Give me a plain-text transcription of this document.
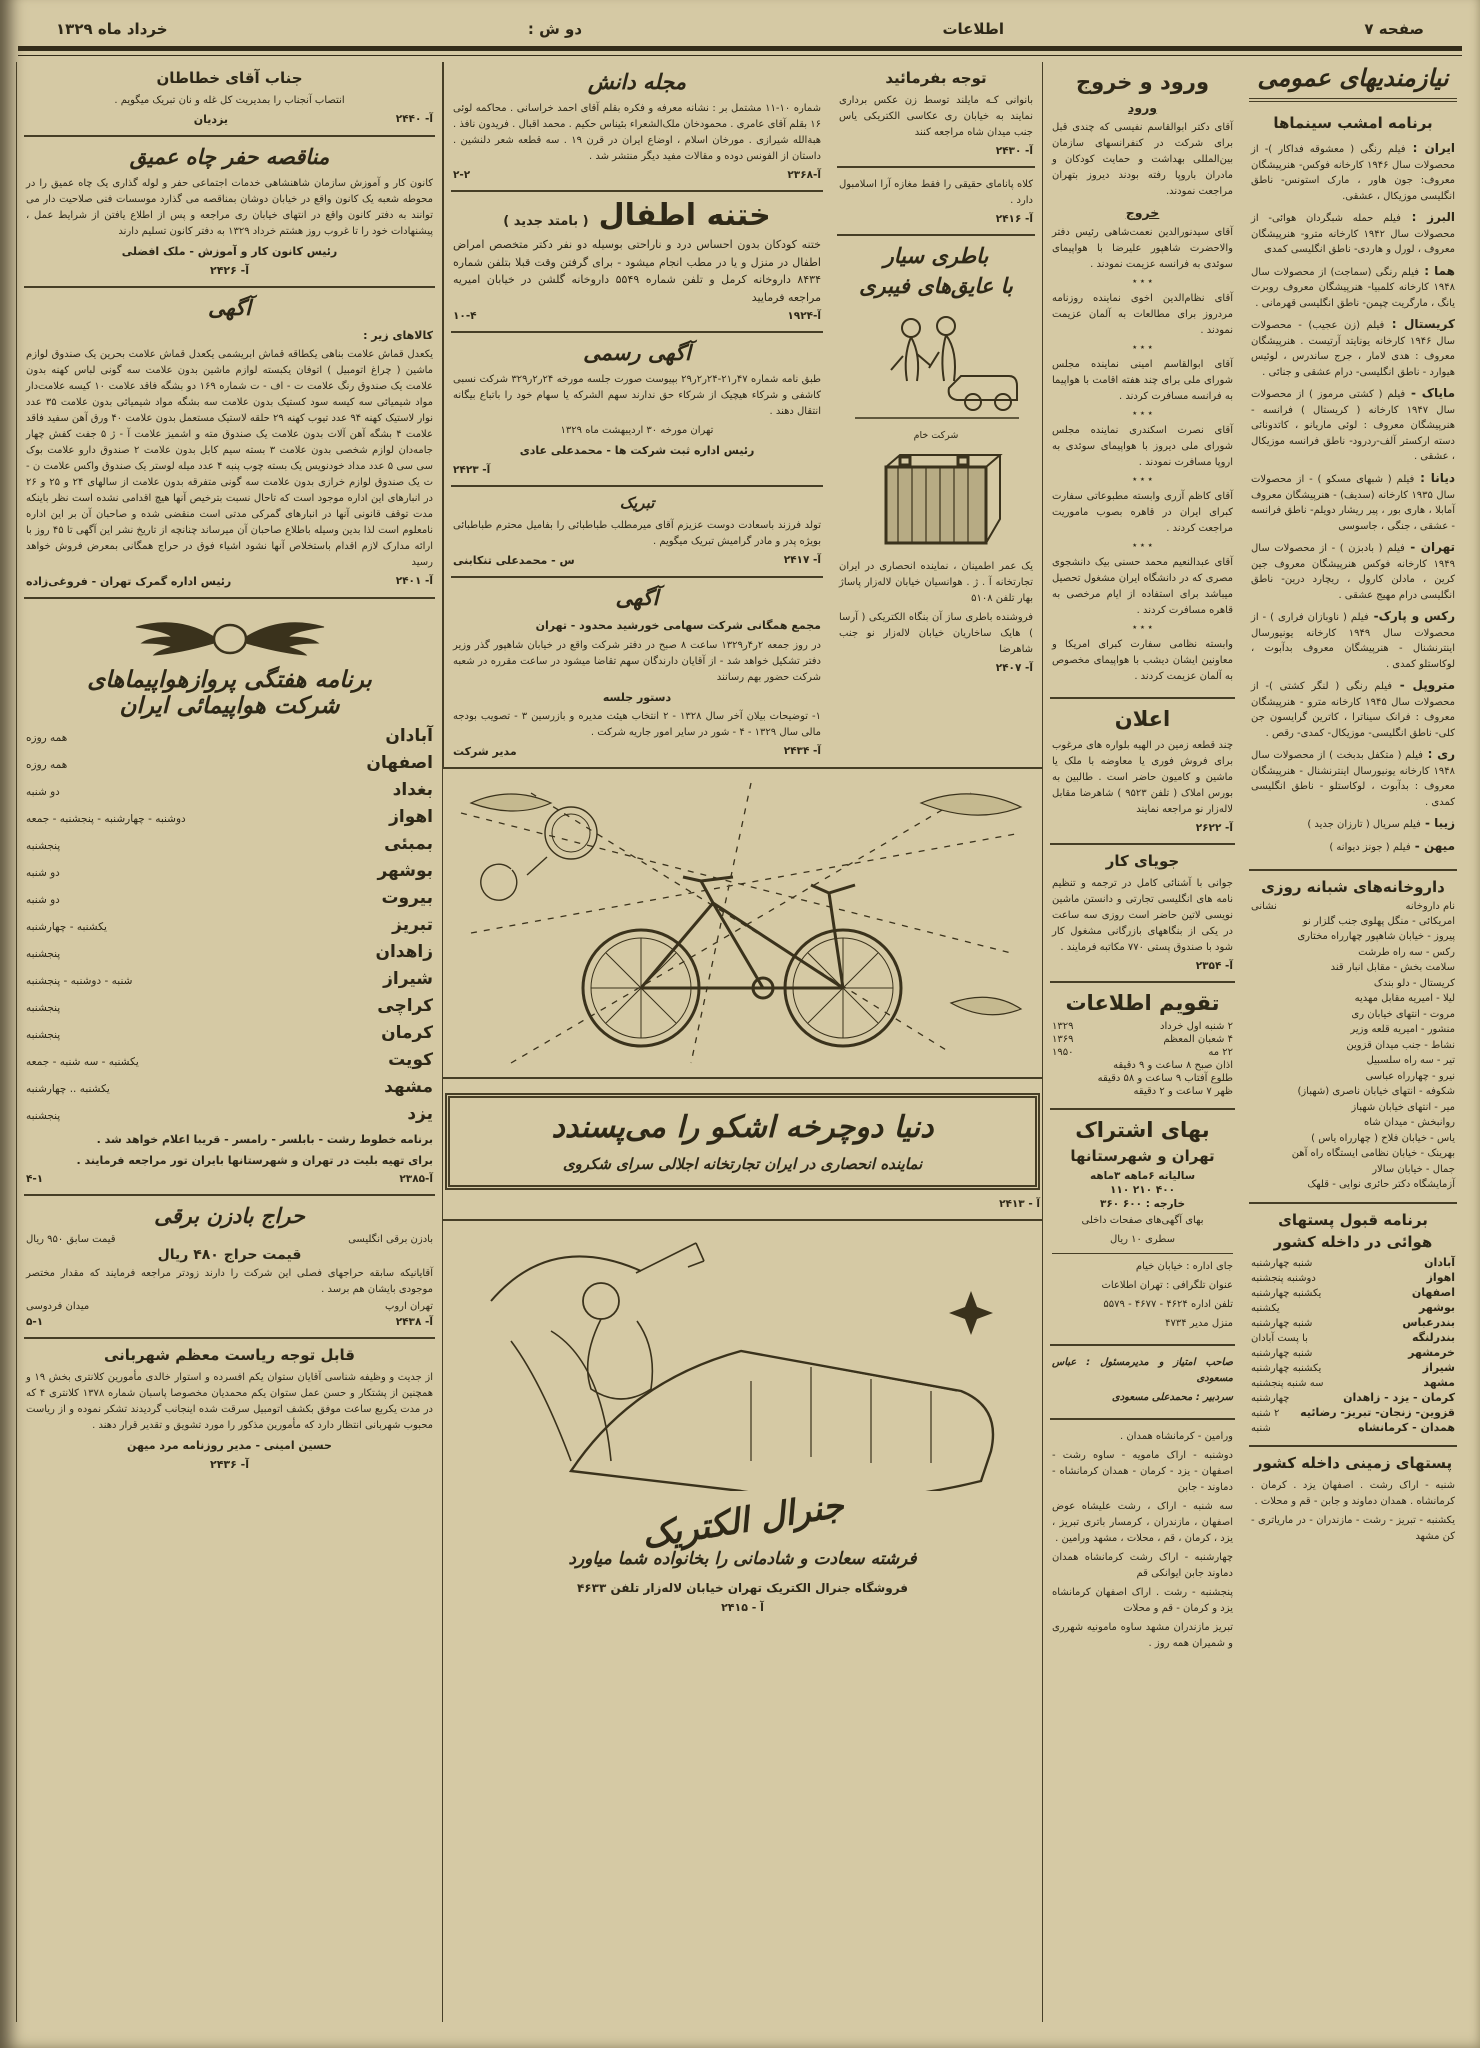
صفحه ۷
اطلاعات
دو ش :
خرداد ماه ۱۳۲۹
نیازمندیهای عمومی
برنامه امشب سینماها
ایران : فیلم رنگی ( معشوقه فداکار )- از محصولات سال ۱۹۴۶ کارخانه فوکس- هنرپیشگان معروف: جون هاور ، مارک استونس- ناطق انگلیسی موزیکال ، عشقی.
البرز : فیلم حمله شبگردان هوائی- از محصولات سال ۱۹۴۲ کارخانه مترو- هنرپیشگان معروف ، لورل و هاردی- ناطق انگلیسی کمدی
هما : فیلم رنگی (سماجت) از محصولات سال ۱۹۴۸ کارخانه کلمبیا- هنرپیشگان معروف روبرت یانگ ، مارگریت چپمن- ناطق انگلیسی قهرمانی .
کریستال : فیلم (زن عجیب) - محصولات سال ۱۹۴۶ کارخانه یونایتد آرتیست . هنرپیشگان معروف : هدی لامار ، جرج ساندرس ، لوئیس هیوارد - ناطق انگلیسی- درام عشقی و جنائی .
مایاک - فیلم ( کشتی مرموز ) از محصولات سال ۱۹۴۷ کارخانه ( کریستال ) فرانسه - هنرپیشگان معروف : لوئی ماریانو ، کاتدونائی دسته ارکستر آلف-ردرود- ناطق فرانسه موزیکال ، عشقی .
دیانا : فیلم ( شبهای مسکو ) - از محصولات سال ۱۹۳۵ کارخانه (سدیف) - هنرپیشگان معروف آمابلا ، هاری بور ، پیر ریشار دویلم- ناطق فرانسه - عشقی ، جنگی ، جاسوسی
تهران - فیلم ( بادبزن ) - از محصولات سال ۱۹۴۹ کارخانه فوکس هنرپیشگان معروف جین کرین ، مادلن کارول ، ریچارد درین- ناطق انگلیسی درام مهیج عشقی .
رکس و پارک- فیلم ( ناوبازان فراری ) - از محصولات سال ۱۹۴۹ کارخانه یونیورسال اینترنشنال - هنرپیشگان معروف بدآبوت ، لوکاستلو کمدی .
متروپل - فیلم رنگی ( لنگر کشتی )- از محصولات سال ۱۹۴۵ کارخانه مترو - هنرپیشگان معروف : فرانک سیناترا ، کاترین گرایسون جن کلی- ناطق انگلیسی- موزیکال- کمدی- رقص .
ری : فیلم ( متکفل بدبخت ) از محصولات سال ۱۹۴۸ کارخانه یونیورسال اینترنشنال - هنرپیشگان معروف : بدآبوت ، لوکاستلو - ناطق انگلیسی کمدی .
زیبا - فیلم سریال ( تارزان جدید )
میهن - فیلم ( جونز دیوانه )
داروخانه‌های شبانه روزی
نام داروخانه
نشانی
امریکائی - منگل پهلوی جنب گلزار نو
پیروز - خیابان شاهپور چهارراه مختاری
رکس - سه راه طرشت
سلامت بخش - مقابل انبار قند
کریستال - دلو بندک
لیلا - امیریه مقابل مهدیه
مروت - انتهای خیابان ری
منشور - امیریه قلعه وزیر
نشاط - جنب میدان قزوین
تیر - سه راه سلسبیل
نیرو - چهارراه عباسی
شکوفه - انتهای خیابان ناصری (شهباز)
میر - انتهای خیابان شهباز
روانبخش - میدان شاه
یاس - خیابان فلاح ( چهارراه یاس )
بهرینک - خیابان نظامی ایستگاه راه آهن
جمال - خیابان سالار
آزمایشگاه دکتر حائری نوایی - قلهک
برنامه قبول پستهای
هوائی در داخله کشور
آبادان
شنبه چهارشنبه
اهواز
دوشنبه پنجشنبه
اصفهان
یکشنبه چهارشنبه
بوشهر
یکشنبه
بندرعباس
شنبه چهارشنبه
بندرلنگه
با پست آبادان
خرمشهر
شنبه چهارشنبه
شیراز
یکشنبه چهارشنبه
مشهد
سه شنبه پنجشنبه
کرمان - یزد - زاهدان
چهارشنبه
قزوین- زنجان- تبریز- رضائیه
۲ شنبه
همدان - کرمانشاه
شنبه
پستهای زمینی داخله کشور

شنبه - اراک رشت . اصفهان یزد . کرمان . کرمانشاه . همدان دماوند و جابن - قم و محلات .

یکشنبه - تبریز - رشت - مازندران - در ماریاتری - کن مشهد

ورود و خروج
ورود

آقای دکتر ابوالقاسم نفیسی که چندی قبل برای شرکت در کنفرانسهای سازمان بین‌المللی بهداشت و حمایت کودکان و مادران باروپا رفته بودند دیروز بتهران مراجعت نمودند.

خروج

آقای سیدنورالدین نعمت‌شاهی رئیس دفتر والاحضرت شاهپور علیرضا با هواپیمای سوئدی به فرانسه عزیمت نمودند .

٭ ٭ ٭

آقای نظام‌الدین اخوی نماینده روزنامه مردروز برای مطالعات به آلمان عزیمت نمودند .

٭ ٭ ٭

آقای ابوالقاسم امینی نماینده مجلس شورای ملی برای چند هفته اقامت با هواپیما به فرانسه مسافرت کردند .

٭ ٭ ٭

آقای نصرت اسکندری نماینده مجلس شورای ملی دیروز با هواپیمای سوئدی به اروپا مسافرت نمودند .

٭ ٭ ٭

آقای کاظم آزری وابسته مطبوعاتی سفارت کبرای ایران در قاهره بصوب ماموریت مراجعت کردند .

٭ ٭ ٭

آقای عبدالنعیم محمد حسنی بیک دانشجوی مصری که در دانشگاه ایران مشغول تحصیل میباشد برای استفاده از ایام مرخصی به قاهره مسافرت کردند .

٭ ٭ ٭

وابسته نظامی سفارت کبرای امریکا و معاونین ایشان دیشب با هواپیمای مخصوص به آلمان عزیمت کردند .

اعلان

چند قطعه زمین در الهیه بلواره های مرغوب برای فروش فوری یا معاوضه با ملک یا ماشین و کامیون حاضر است . طالبین به بورس املاک ( تلفن ۹۵۲۳ ) شاهرضا مقابل لاله‌زار نو مراجعه نمایند

آ- ۲۶۲۲
جویای کار

جوانی با آشنائی کامل در ترجمه و تنظیم نامه های انگلیسی تجارتی و دانستن ماشین نویسی لاتین حاضر است روزی سه ساعت در یکی از بنگاههای بازرگانی مشغول کار شود با صندوق پستی ۷۷۰ مکاتبه فرمایند .

آ- ۲۳۵۴
تقویم اطلاعات
۲ شنبه اول خرداد
۱۳۲۹
۴ شعبان المعظم
۱۳۶۹
۲۲ مه
۱۹۵۰
اذان صبح ۸ ساعت و ۹ دقیقه
طلوع آفتاب ۹ ساعت و ۵۸ دقیقه
ظهر ۷ ساعت و ۲ دقیقه
بهای اشتراک
تهران و شهرستانها
سالیانه ۶ماهه ۳ماهه
۴۰۰ ۲۱۰ ۱۱۰
خارجه : ۶۰۰ ۳۶۰

بهای آگهی‌های صفحات داخلی

سطری ۱۰ ریال

جای اداره : خیابان خیام

عنوان تلگرافی : تهران اطلاعات

تلفن اداره ۴۶۲۴ - ۴۶۷۷ - ۵۵۷۹

منزل مدیر ۴۷۳۴

صاحب امتیاز و مدیرمسئول : عباس مسعودی

سردبیر : محمدعلی مسعودی

ورامین - کرمانشاه همدان .

دوشنبه - اراک مامویه - ساوه رشت - اصفهان - یزد - کرمان - همدان کرمانشاه - دماوند - جابن

سه شنبه - اراک ، رشت علیشاه عوض اصفهان ، مازندران ، کرمسار باتری تبریز ، یزد ، کرمان ، قم ، محلات ، مشهد ورامین .

چهارشنبه - اراک رشت کرمانشاه همدان دماوند جابن ایوانکی قم

پنجشنبه - رشت . اراک اصفهان کرمانشاه یزد و کرمان - قم و محلات

تبریز مازندران مشهد ساوه مامونیه شهرری و شمیران همه روز .

توجه بفرمائید

بانوانی کـه مایلند توسط زن عکس برداری نمایند به خیابان ری عکاسی الکتریکی یاس جنب میدان شاه مراجعه کنند

آ- ۲۴۳۰

کلاه پانامای حقیقی را فقط مغازه آرا اسلامبول دارد .

آ- ۲۴۱۶
باطری سیار
با عایق‌های فیبری
شرکت خام

یک عمر اطمینان ، نماینده انحصاری در ایران تجارتخانه آ . ژ . هوانسیان خیابان لاله‌زار پاساژ بهار تلفن ۵۱۰۸

فروشنده باطری ساز آن بنگاه الکتریکی ( آرسا ) هایک ساخاریان خیابان لاله‌زار نو جنب شاهرضا

آ- ۲۴۰۷
مجله دانش

شماره ۱۰-۱۱ مشتمل بر : نشانه معرفه و فکره بقلم آقای احمد خراسانی . محاکمه لوئی ۱۶ بقلم آقای عامری . محمودخان ملک‌الشعراء بئیناس حکیم . محمد اقبال . فریدون نافذ . هبةالله شیرازی . مورخان اسلام ، اوضاع ایران در قرن ۱۹ . سه قطعه شعر دلنشین . داستان از الفونس دوده و مقالات مفید دیگر منتشر شد .

آ-۲۳۶۸
۲-۲
ختنه اطفال
( بامتد جدید )

ختنه کودکان بدون احساس درد و ناراحتی بوسیله دو نفر دکتر متخصص امراض اطفال در منزل و یا در مطب انجام میشود - برای گرفتن وقت قبلا بتلفن شماره ۸۴۳۴ داروخانه کرمل و تلفن شماره ۵۵۴۹ داروخانه گلشن در خیابان امیریه مراجعه فرمایید

آ-۱۹۲۴
۱۰-۴
آگهی رسمی

طبق نامه شماره ۴۷ر۲۱-۲۴ر۲ر۲۹ بپیوست صورت جلسه مورخه ۲۴ر۲ر۳۲۹ شرکت نسبی کاشفی و شرکاء هیچیک از شرکاء حق ندارند سهم الشرکه یا سهام خود را باتباع بیگانه انتقال دهند .

تهران مورخه ۳۰ اردیبهشت ماه ۱۳۲۹

رئیس اداره ثبت شرکت ها - محمدعلی عادی

آ- ۲۴۲۳
تبریک

تولد فرزند باسعادت دوست عزیزم آقای میرمطلب طباطبائی را بفامیل محترم طباطبائی بویژه پدر و مادر گرامیش تبریک میگویم .

آ- ۲۴۱۷
س - محمدعلی تنکابنی
آگهی

مجمع همگانی شرکت سهامی خورشید محدود - تهران

در روز جمعه ۲ر۴ر۱۳۲۹ ساعت ۸ صبح در دفتر شرکت واقع در خیابان شاهپور گذر وزیر دفتر تشکیل خواهد شد - از آقایان دارندگان سهم تقاضا میشود در ساعت مقرره در شعبه شرکت حضور بهم رسانند

دستور جلسه

۱- توضیحات بیلان آخر سال ۱۳۲۸ - ۲ انتخاب هیئت مدیره و بازرسین ۳ - تصویب بودجه مالی سال ۱۳۲۹ - ۴ - شور در سایر امور جاریه شرکت .

آ- ۲۴۳۴
مدیر شرکت
دنیا دوچرخه اشکو را می‌پسندد
نماینده انحصاری در ایران تجارتخانه اجلالی سرای شکروی
آ - ۲۴۱۳
جنرال الکتریک
فرشته سعادت و شادمانی را بخانواده شما میاورد

فروشگاه جنرال الکتریک تهران خیابان لاله‌زار تلفن ۴۶۳۳

آ - ۲۴۱۵
جناب آقای خطاطان

انتصاب آنجناب را بمدیریت کل غله و نان تبریک میگویم .

آ- ۲۴۴۰
یزدیان
مناقصه حفر چاه عمیق

کانون کار و آموزش سازمان شاهنشاهی خدمات اجتماعی حفر و لوله گذاری یک چاه عمیق را در محوطه شعبه یک کانون واقع در خیابان دوشان بمناقصه می گذارد موسسات فنی صلاحیت دار می توانند به دفتر کانون واقع در انتهای خیابان ری مراجعه و پس از اطلاع یافتن از شرایط عمل ، پیشنهادات خود را تا غروب روز هشتم خرداد ۱۳۲۹ به دفتر کانون تسلیم دارند

رئیس کانون کار و آموزش - ملک افضلی

آ- ۲۴۲۶
آگهی

کالاهای زیر :

یکعدل قماش علامت بناهی یکطاقه قماش ابریشمی یکعدل قماش علامت بحرین یک صندوق لوازم ماشین ( چراغ اتومبیل ) اتوفان یکبسته لوازم ماشین بدون علامت سه گونی لباس کهنه بدون علامت یک صندوق رنگ علامت ت - اف - ت شماره ۱۶۹ دو بشگه فاقد علامت ۱۰ کیسه علامت‌دار مواد شیمیائی سه کیسه سود کستیک بدون علامت سه بشگه مواد شیمیائی بدون علامت ۳۵ عدد نوار لاستیک کهنه ۹۴ عدد تیوب کهنه ۲۹ حلقه لاستیک مستعمل بدون علامت ۴۰ ورق آهن سفید فاقد علامت ۴ بشگه آهن آلات بدون علامت یک صندوق مته و اشمیز علامت آ - ژ ۵ جفت کفش چهار جامه‌دان لوازم شخصی بدون علامت ۳ بسته سیم کابل بدون علامت ۲ صندوق دارو علامت بوک سی سی ۵ عدد مداد خودنویس یک بسته چوب پنبه ۴ عدد میله لوستر یک صندوق واکس علامت ن - ت یک صندوق لوازم خرازی بدون علامت سه گونی متفرقه بدون علامت از سالهای ۲۴ و ۲۵ و ۲۶ در انبارهای این اداره موجود است که تاحال نسبت بترخیص آنها هیچ اقدامی نشده است نظر باینکه مدت توقف قانونی آنها در انبارهای گمرکی مدتی است منقضی شده و صاحبان آن بر این اداره نامعلوم است لذا بدین وسیله باطلاع صاحبان آن میرساند چنانچه از تاریخ نشر این آگهی تا ۴۵ روز با ارائه مدارک لازم اقدام باستخلاص آنها نشود اشیاء فوق در حراج همگانی بمعرض فروش خواهد رسید

آ- ۲۴۰۱
رئیس اداره گمرک تهران - فروغی‌زاده
برنامه هفتگی پروازهواپیماهای
شرکت هواپیمائی ایران
آبادان
همه روزه
اصفهان
همه روزه
بغداد
دو شنبه
اهواز
دوشنبه - چهارشنبه - پنجشنبه - جمعه
بمبئی
پنجشنبه
بوشهر
دو شنبه
بیروت
دو شنبه
تبریز
یکشنبه - چهارشنبه
زاهدان
پنجشنبه
شیراز
شنبه - دوشنبه - پنجشنبه
کراچی
پنجشنبه
کرمان
پنجشنبه
کویت
یکشنبه - سه شنبه - جمعه
مشهد
یکشنبه .. چهارشنبه
یزد
پنجشنبه

برنامه خطوط رشت - بابلسر - رامسر - قریبا اعلام خواهد شد .

برای تهیه بلیت در تهران و شهرستانها بایران تور مراجعه فرمایند .

آ-۲۳۸۵
۴-۱
حراج بادزن برقی
بادزن برقی انگلیسی
قیمت سابق ۹۵۰ ریال
قیمت حراج ۴۸۰ ریال

آقایانیکه سابقه حراجهای فصلی این شرکت را دارند زودتر مراجعه فرمایند که مقدار مختصر موجودی بایشان هم برسد .

تهران اروپ
میدان فردوسی
آ- ۲۴۳۸
۵-۱
قابل توجه ریاست معظم شهربانی

از جدیت و وظیفه شناسی آقایان ستوان یکم افسرده و استوار خالدی مأمورین کلانتری بخش ۱۹ و همچنین از پشتکار و حسن عمل ستوان یکم محمدیان مخصوصا پاسبان شماره ۱۳۷۸ کلانتری ۴ که در مدت یکربع ساعت موفق بکشف اتومبیل سرقت شده اینجانب گردیدند تشکر نموده و از ریاست محبوب شهربانی انتظار دارد که مأمورین مذکور را مورد تشویق و تقدیر قرار دهند .

حسین امینی - مدیر روزنامه مرد میهن

آ- ۲۴۳۶
